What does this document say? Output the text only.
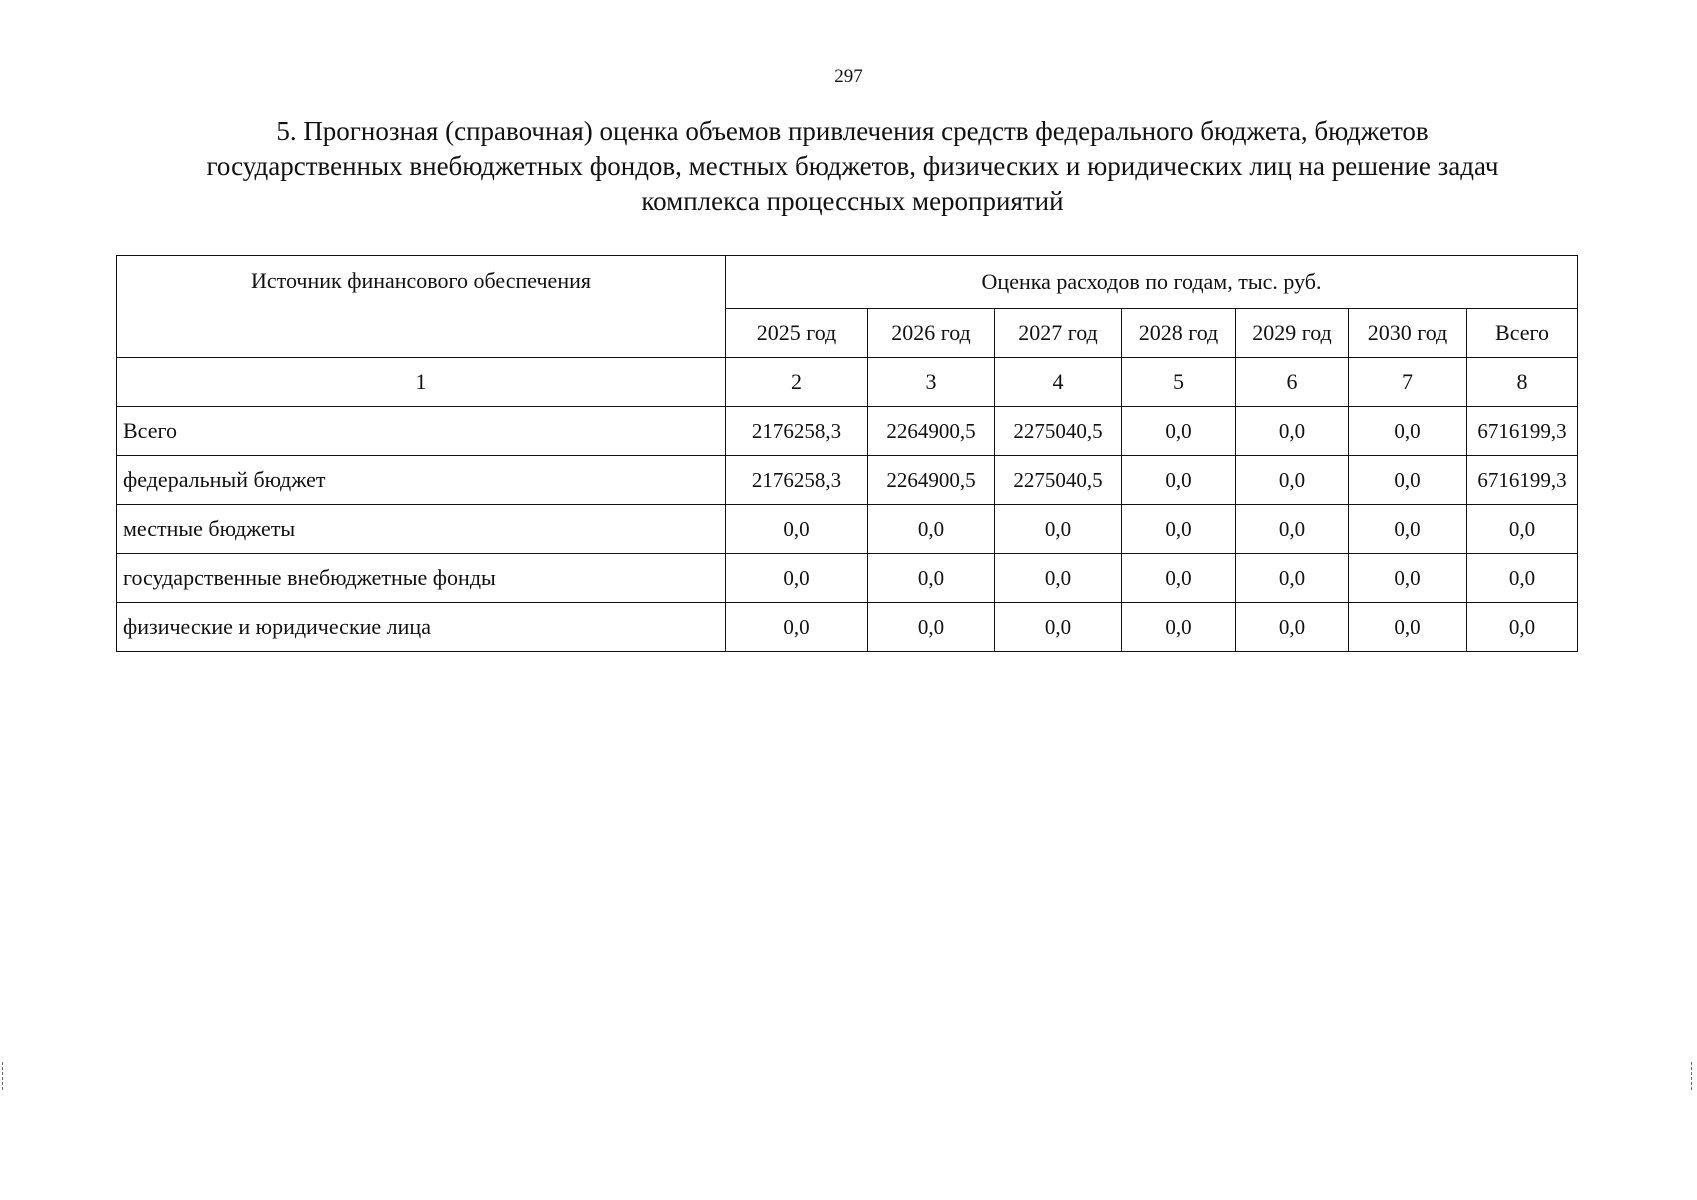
297
5. Прогнозная (справочная) оценка объемов привлечения средств федерального бюджета, бюджетов
государственных внебюджетных фондов, местных бюджетов, физических и юридических лиц на решение задач
комплекса процессных мероприятий
Источник финансового обеспечения	Оценка расходов по годам, тыс. руб.						
	2025 год	2026 год	2027 год	2028 год	2029 год	2030 год	Всего
1	2	3	4	5	6	7	8
Всего	2176258,3	2264900,5	2275040,5	0,0	0,0	0,0	6716199,3
федеральный бюджет	2176258,3	2264900,5	2275040,5	0,0	0,0	0,0	6716199,3
местные бюджеты	0,0	0,0	0,0	0,0	0,0	0,0	0,0
государственные внебюджетные фонды	0,0	0,0	0,0	0,0	0,0	0,0	0,0
физические и юридические лица	0,0	0,0	0,0	0,0	0,0	0,0	0,0
